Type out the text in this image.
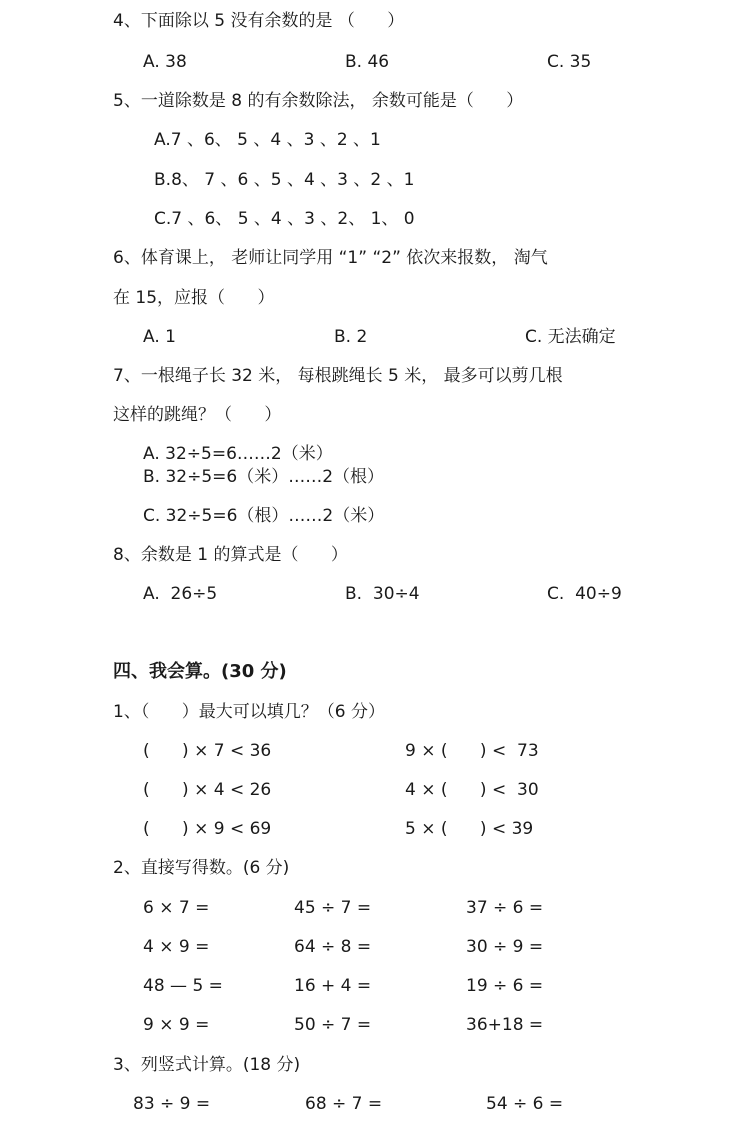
4、下面除以 5 没有余数的是 （      ）
A. 38	B. 46	C. 35
5、一道除数是 8 的有余数除法， 余数可能是（      ）
A.7 、6、 5 、4 、3 、2 、1
B.8、 7 、6 、5 、4 、3 、2 、1
C.7 、6、 5 、4 、3 、2、 1、 0
6、体育课上， 老师让同学用 “1” “2” 依次来报数， 淘气
在 15，应报（      ）
A. 1	B. 2	C. 无法确定
7、一根绳子长 32 米， 每根跳绳长 5 米， 最多可以剪几根
这样的跳绳？（      ）
A. 32÷5=6……2（米）
B. 32÷5=6（米）……2（根）
C. 32÷5=6（根）……2（米）
8、余数是 1 的算式是（      ）
A.  26÷5	B.  30÷4	C.  40÷9
四、我会算。(30 分)
1、（      ）最大可以填几？（6 分）
(      ) × 7 < 36	9 × (      ) <  73
(      ) × 4 < 26	4 × (      ) <  30
(      ) × 9 < 69	5 × (      ) < 39
2、直接写得数。(6 分)
6 × 7 =	45 ÷ 7 =	37 ÷ 6 =
4 × 9 =	64 ÷ 8 =	30 ÷ 9 =
48 — 5 =	16 + 4 =	19 ÷ 6 =
9 × 9 =	50 ÷ 7 =	36+18 =
3、列竖式计算。(18 分)
83 ÷ 9 =	68 ÷ 7 =	54 ÷ 6 =
